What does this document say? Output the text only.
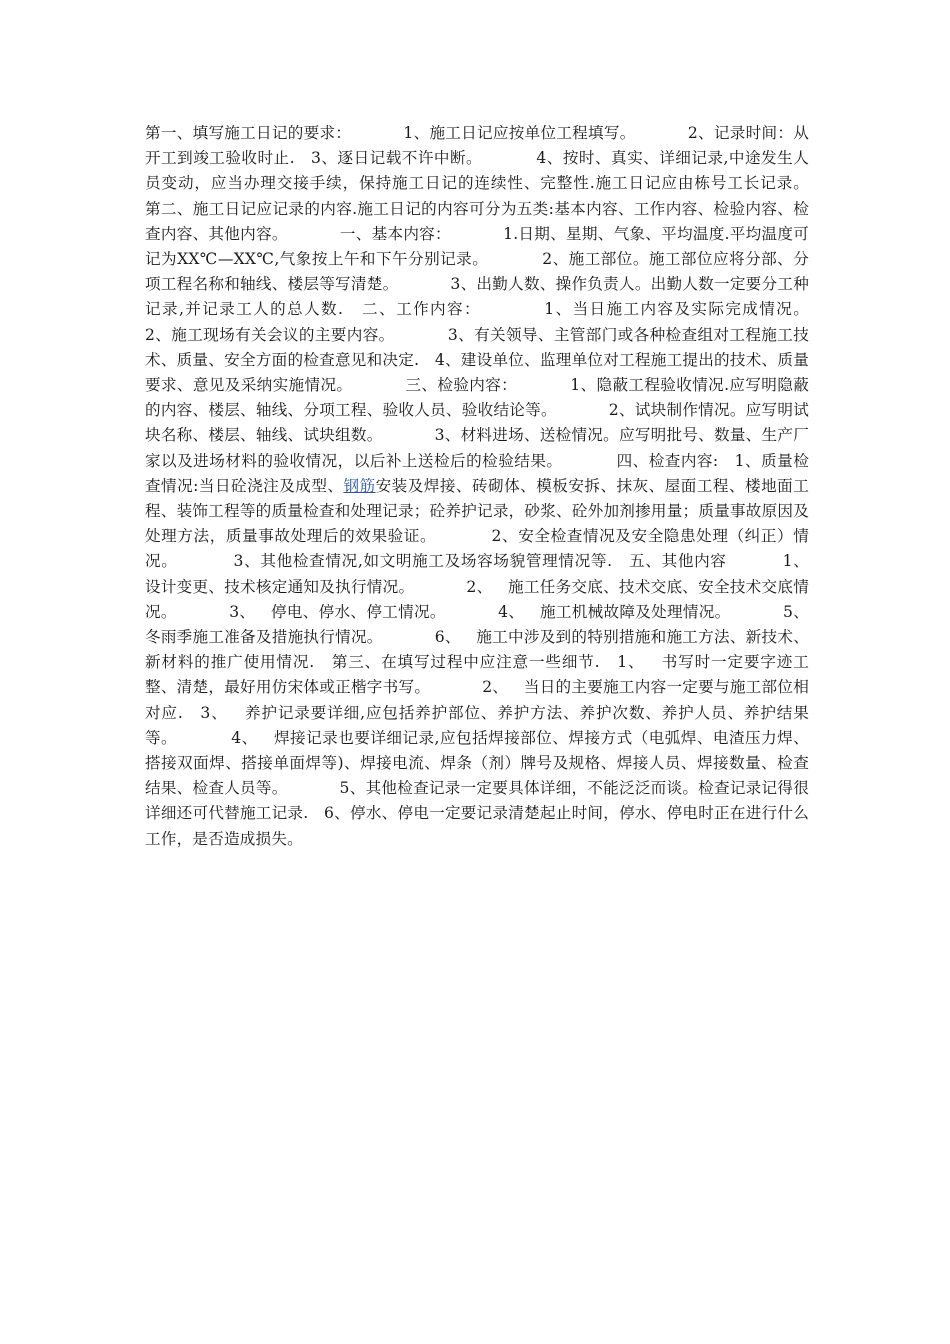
第一、填写施工日记的要求：          1、施工日记应按单位工程填写。          2、记录时间：从开工到竣工验收时止.   3、逐日记载不许中断。          4、按时、真实、详细记录,中途发生人员变动，应当办理交接手续，保持施工日记的连续性、完整性.施工日记应由栋号工长记录。          第二、施工日记应记录的内容.施工日记的内容可分为五类:基本内容、工作内容、检验内容、检查内容、其他内容。          一、基本内容：          1.日期、星期、气象、平均温度.平均温度可记为XX℃—XX℃,气象按上午和下午分别记录。          2、施工部位。施工部位应将分部、分项工程名称和轴线、楼层等写清楚。          3、出勤人数、操作负责人。出勤人数一定要分工种记录,并记录工人的总人数.   二、工作内容：          1、当日施工内容及实际完成情况。          2、施工现场有关会议的主要内容。          3、有关领导、主管部门或各种检查组对工程施工技术、质量、安全方面的检查意见和决定.   4、建设单位、监理单位对工程施工提出的技术、质量要求、意见及采纳实施情况。          三、检验内容：          1、隐蔽工程验收情况.应写明隐蔽的内容、楼层、轴线、分项工程、验收人员、验收结论等。          2、试块制作情况。应写明试块名称、楼层、轴线、试块组数。          3、材料进场、送检情况。应写明批号、数量、生产厂家以及进场材料的验收情况，以后补上送检后的检验结果。          四、检查内容:   1、质量检查情况:当日砼浇注及成型、钢筋安装及焊接、砖砌体、模板安拆、抹灰、屋面工程、楼地面工程、装饰工程等的质量检查和处理记录；砼养护记录，砂浆、砼外加剂掺用量；质量事故原因及处理方法，质量事故处理后的效果验证。          2、安全检查情况及安全隐患处理（纠正）情况。          3、其他检查情况,如文明施工及场容场貌管理情况等.   五、其他内容          1、   设计变更、技术核定通知及执行情况。          2、   施工任务交底、技术交底、安全技术交底情况。          3、   停电、停水、停工情况。          4、   施工机械故障及处理情况。          5、   冬雨季施工准备及措施执行情况。          6、   施工中涉及到的特别措施和施工方法、新技术、新材料的推广使用情况.   第三、在填写过程中应注意一些细节.   1、   书写时一定要字迹工整、清楚，最好用仿宋体或正楷字书写。          2、   当日的主要施工内容一定要与施工部位相对应.   3、   养护记录要详细,应包括养护部位、养护方法、养护次数、养护人员、养护结果等。          4、   焊接记录也要详细记录,应包括焊接部位、焊接方式（电弧焊、电渣压力焊、搭接双面焊、搭接单面焊等)、焊接电流、焊条（剂）牌号及规格、焊接人员、焊接数量、检查结果、检查人员等。          5、其他检查记录一定要具体详细，不能泛泛而谈。检查记录记得很详细还可代替施工记录.   6、停水、停电一定要记录清楚起止时间，停水、停电时正在进行什么工作，是否造成损失。
